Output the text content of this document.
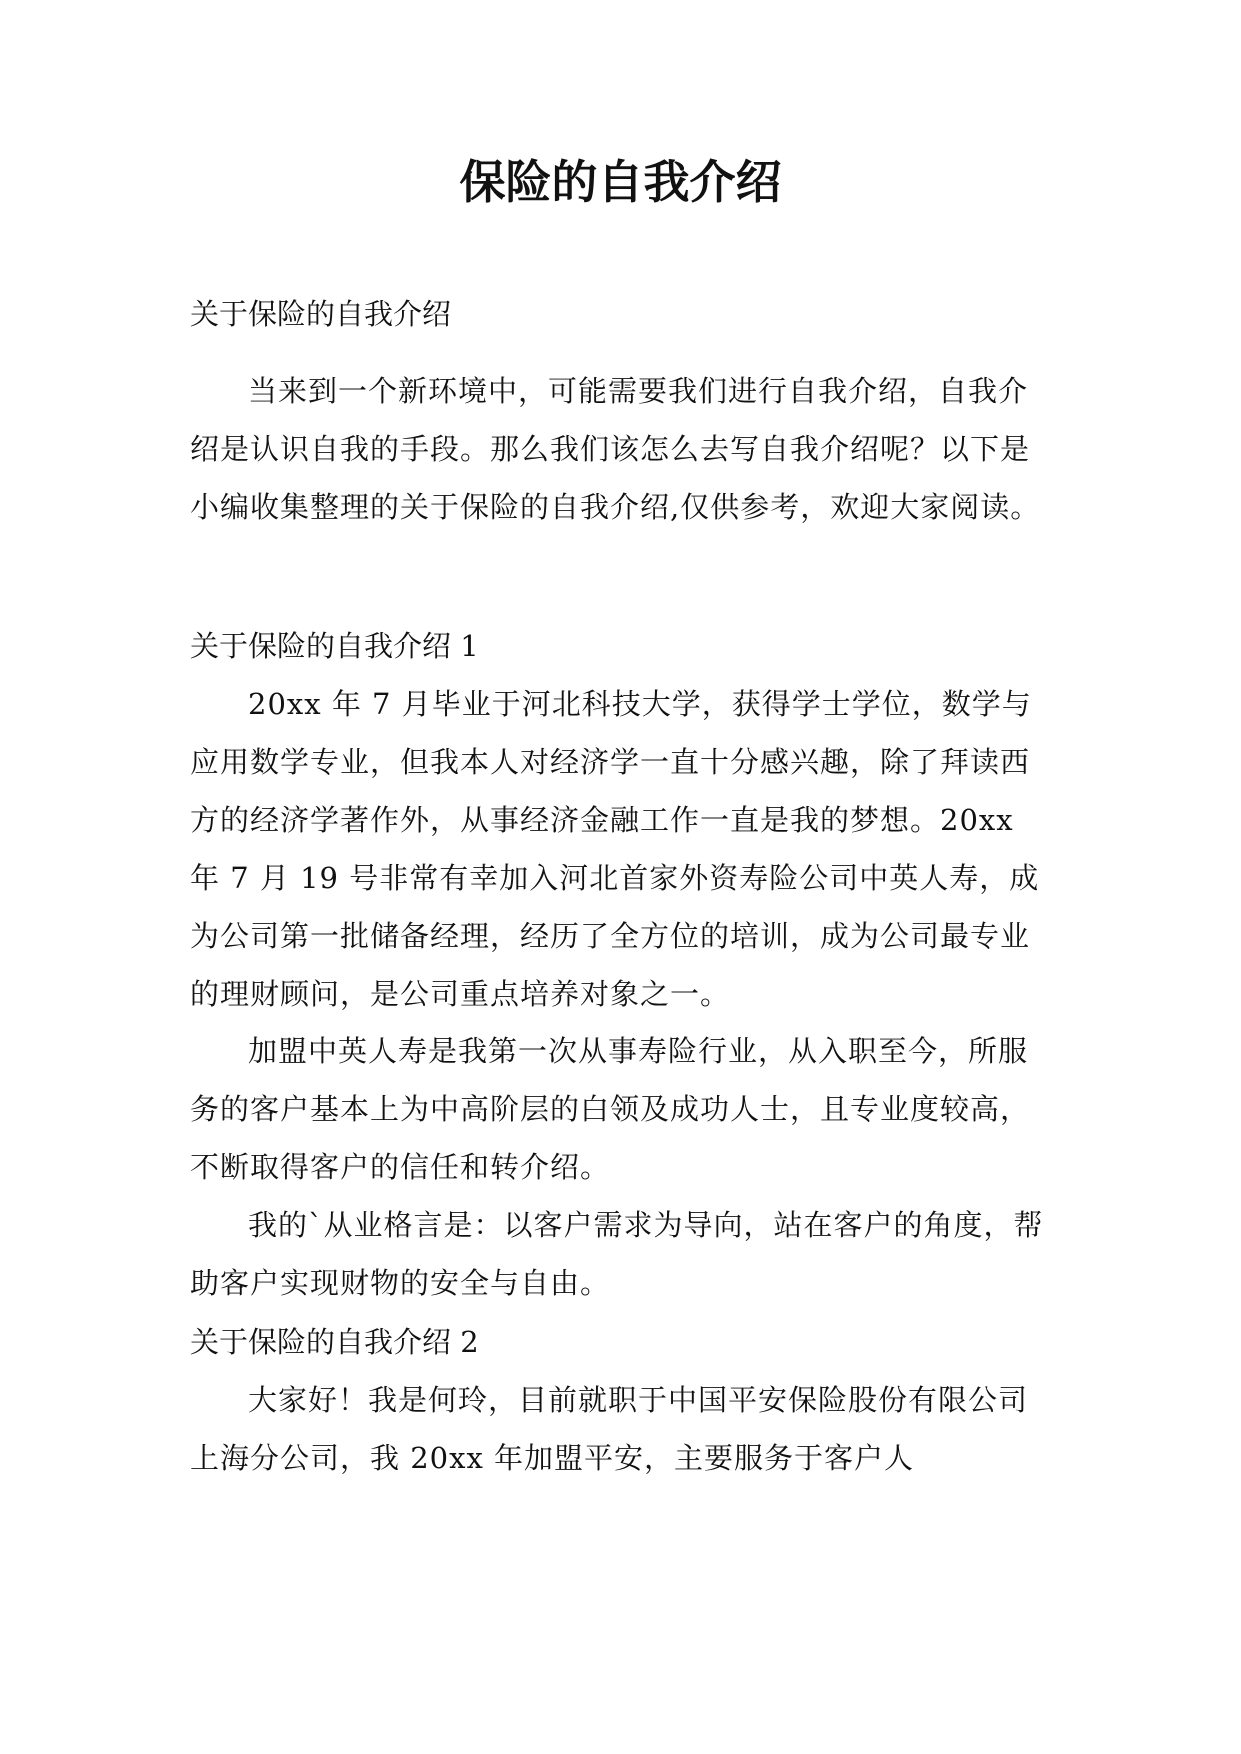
保险的自我介绍

关于保险的自我介绍

当来到一个新环境中，可能需要我们进行自我介绍，自我介绍是认识自我的手段。那么我们该怎么去写自我介绍呢？以下是小编收集整理的关于保险的自我介绍,仅供参考，欢迎大家阅读。

关于保险的自我介绍 1

20xx 年 7 月毕业于河北科技大学，获得学士学位，数学与应用数学专业，但我本人对经济学一直十分感兴趣，除了拜读西方的经济学著作外，从事经济金融工作一直是我的梦想。20xx 年 7 月 19 号非常有幸加入河北首家外资寿险公司中英人寿，成为公司第一批储备经理，经历了全方位的培训，成为公司最专业的理财顾问，是公司重点培养对象之一。

加盟中英人寿是我第一次从事寿险行业，从入职至今，所服务的客户基本上为中高阶层的白领及成功人士，且专业度较高，不断取得客户的信任和转介绍。

我的`从业格言是：以客户需求为导向，站在客户的角度，帮助客户实现财物的安全与自由。

关于保险的自我介绍 2

大家好！我是何玲，目前就职于中国平安保险股份有限公司上海分公司，我 20xx 年加盟平安，主要服务于客户人
